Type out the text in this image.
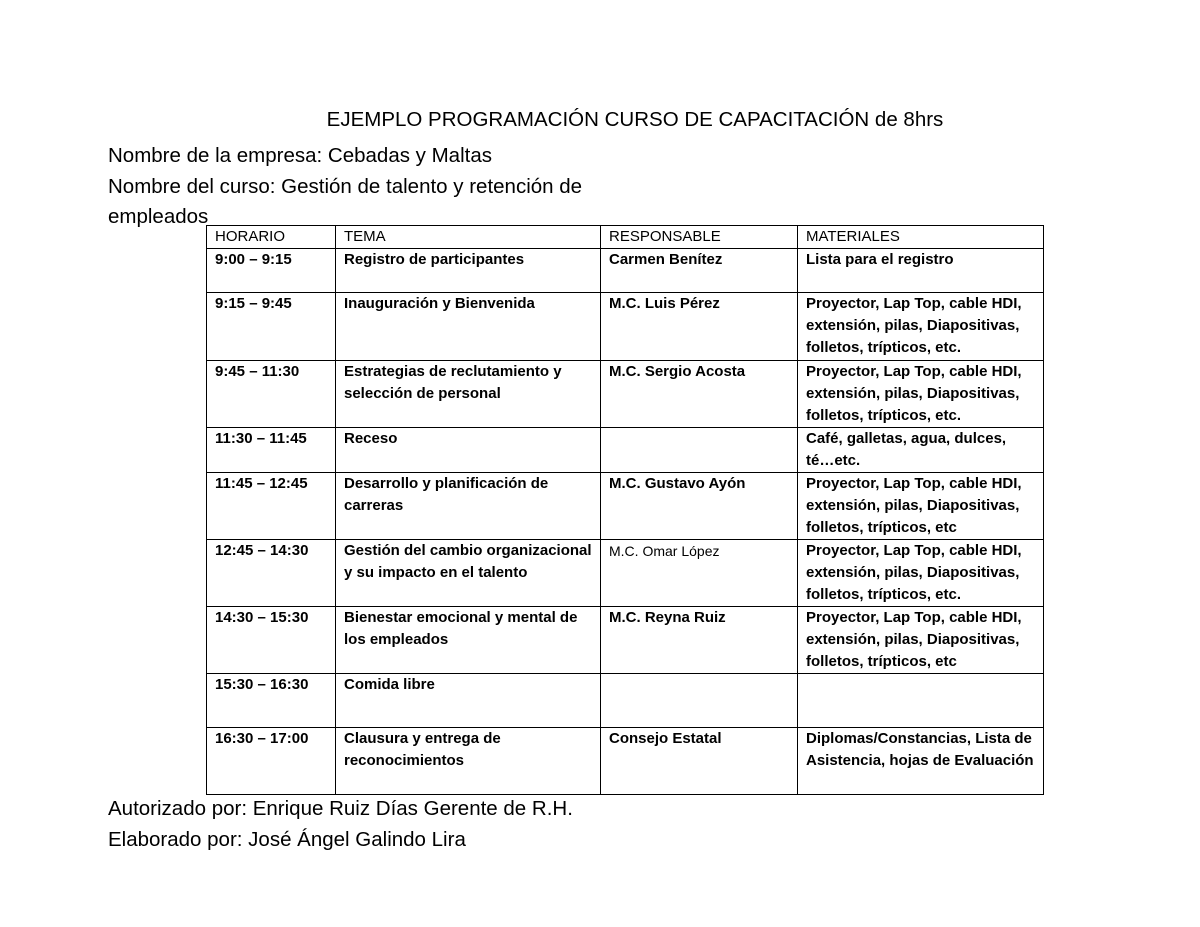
EJEMPLO PROGRAMACIÓN CURSO DE CAPACITACIÓN de 8hrs
Nombre de la empresa: Cebadas y Maltas
Nombre del curso: Gestión de talento y retención de
empleados
HORARIO	TEMA	RESPONSABLE	MATERIALES
9:00 – 9:15	Registro de participantes	Carmen Benítez	Lista para el registro
9:15 – 9:45	Inauguración y Bienvenida	M.C. Luis Pérez	Proyector, Lap Top, cable HDI, extensión, pilas, Diapositivas, folletos, trípticos, etc.
9:45 – 11:30	Estrategias de reclutamiento y selección de personal	M.C. Sergio Acosta	Proyector, Lap Top, cable HDI, extensión, pilas, Diapositivas, folletos, trípticos, etc.
11:30 – 11:45	Receso		Café, galletas, agua, dulces, té…etc.
11:45 – 12:45	Desarrollo y planificación de carreras	M.C. Gustavo Ayón	Proyector, Lap Top, cable HDI, extensión, pilas, Diapositivas, folletos, trípticos, etc
12:45 – 14:30	Gestión del cambio organizacional y su impacto en el talento	M.C. Omar López	Proyector, Lap Top, cable HDI, extensión, pilas, Diapositivas, folletos, trípticos, etc.
14:30 – 15:30	Bienestar emocional y mental de los empleados	M.C. Reyna Ruiz	Proyector, Lap Top, cable HDI, extensión, pilas, Diapositivas, folletos, trípticos, etc
15:30 – 16:30	Comida libre		
16:30 – 17:00	Clausura y entrega de reconocimientos	Consejo Estatal	Diplomas/Constancias, Lista de Asistencia, hojas de Evaluación
Autorizado por: Enrique Ruiz Días Gerente de R.H.
Elaborado por: José Ángel Galindo Lira
